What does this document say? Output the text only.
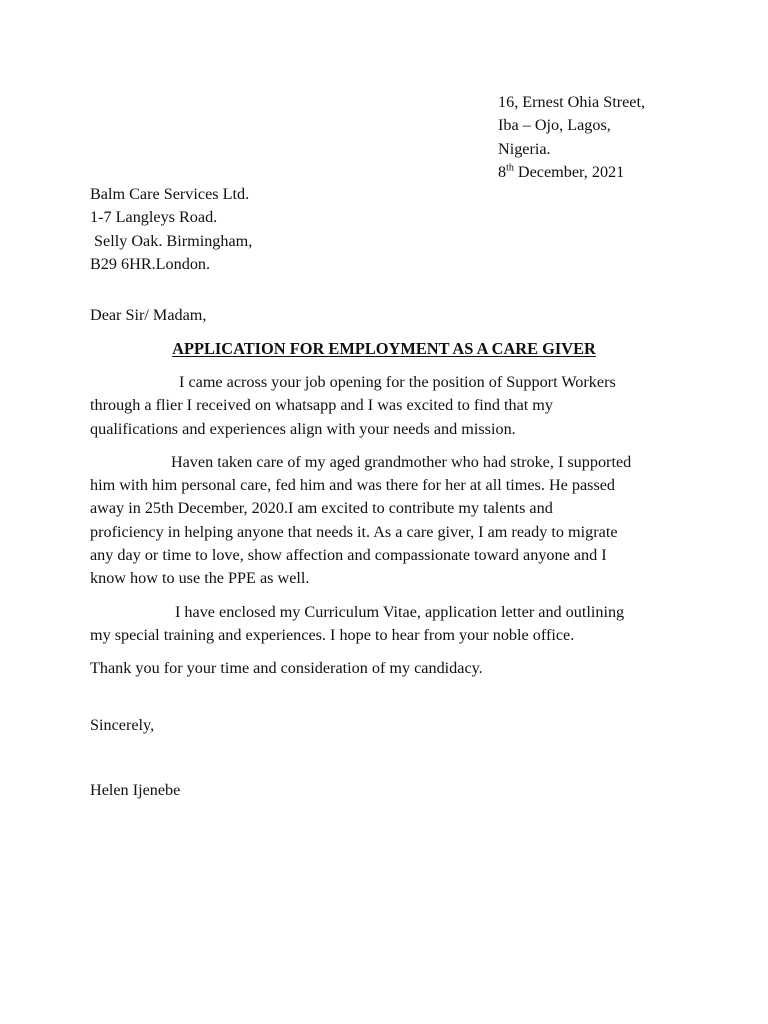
16, Ernest Ohia Street,
Iba – Ojo, Lagos,
Nigeria.
8th December, 2021
Balm Care Services Ltd.
1-7 Langleys Road.
Selly Oak. Birmingham,
B29 6HR.London.
Dear Sir/ Madam,
APPLICATION FOR EMPLOYMENT AS A CARE GIVER

I came across your job opening for the position of Support Workers
through a flier I received on whatsapp and I was excited to find that my
qualifications and experiences align with your needs and mission.

Haven taken care of my aged grandmother who had stroke, I supported
him with him personal care, fed him and was there for her at all times. He passed
away in 25th December, 2020.I am excited to contribute my talents and
proficiency in helping anyone that needs it. As a care giver, I am ready to migrate
any day or time to love, show affection and compassionate toward anyone and I
know how to use the PPE as well.

I have enclosed my Curriculum Vitae, application letter and outlining
my special training and experiences. I hope to hear from your noble office.

Thank you for your time and consideration of my candidacy.

Sincerely,
Helen Ijenebe
